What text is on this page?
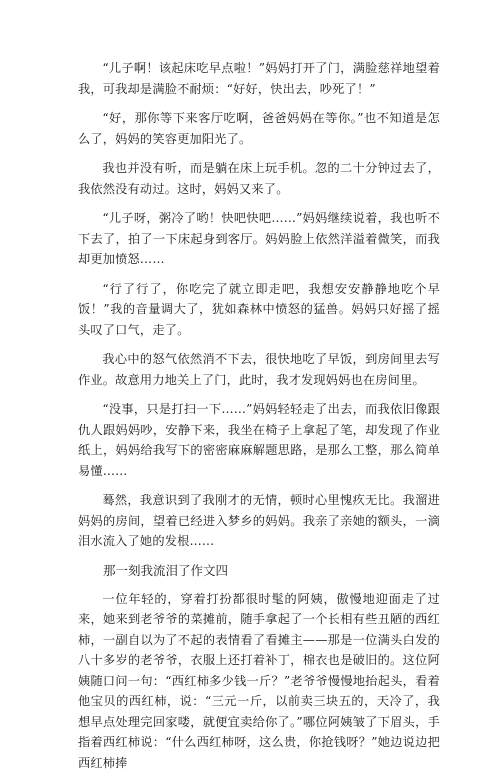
“儿子啊！该起床吃早点啦！”妈妈打开了门，满脸慈祥地望着我，可我却是满脸不耐烦：“好好，快出去，吵死了！”

“好，那你等下来客厅吃啊，爸爸妈妈在等你。”也不知道是怎么了，妈妈的笑容更加阳光了。

我也并没有听，而是躺在床上玩手机。忽的二十分钟过去了，我依然没有动过。这时，妈妈又来了。

“儿子呀，粥冷了哟！快吧快吧……”妈妈继续说着，我也听不下去了，拍了一下床起身到客厅。妈妈脸上依然洋溢着微笑，而我却更加愤怒……

“行了行了，你吃完了就立即走吧，我想安安静静地吃个早饭！”我的音量调大了，犹如森林中愤怒的猛兽。妈妈只好摇了摇头叹了口气，走了。

我心中的怒气依然消不下去，很快地吃了早饭，到房间里去写作业。故意用力地关上了门，此时，我才发现妈妈也在房间里。

“没事，只是打扫一下……”妈妈轻轻走了出去，而我依旧像跟仇人跟妈妈吵，安静下来，我坐在椅子上拿起了笔，却发现了作业纸上，妈妈给我写下的密密麻麻解题思路，是那么工整，那么简单易懂……

蓦然，我意识到了我刚才的无情，顿时心里愧疚无比。我溜进妈妈的房间，望着已经进入梦乡的妈妈。我亲了亲她的额头，一滴泪水流入了她的发根……

那一刻我流泪了作文四

一位年轻的，穿着打扮都很时髦的阿姨，傲慢地迎面走了过来，她来到老爷爷的菜摊前，随手拿起了一个长相有些丑陋的西红柿，一副自以为了不起的表情看了看摊主——那是一位满头白发的八十多岁的老爷爷，衣服上还打着补丁，棉衣也是破旧的。这位阿姨随口问一句：“西红柿多少钱一斤？”老爷爷慢慢地抬起头，看着他宝贝的西红柿，说：“三元一斤，以前卖三块五的，天冷了，我想早点处理完回家喽，就便宜卖给你了。”哪位阿姨皱了下眉头，手指着西红柿说：“什么西红柿呀，这么贵，你抢钱呀？”她边说边把西红柿捧
